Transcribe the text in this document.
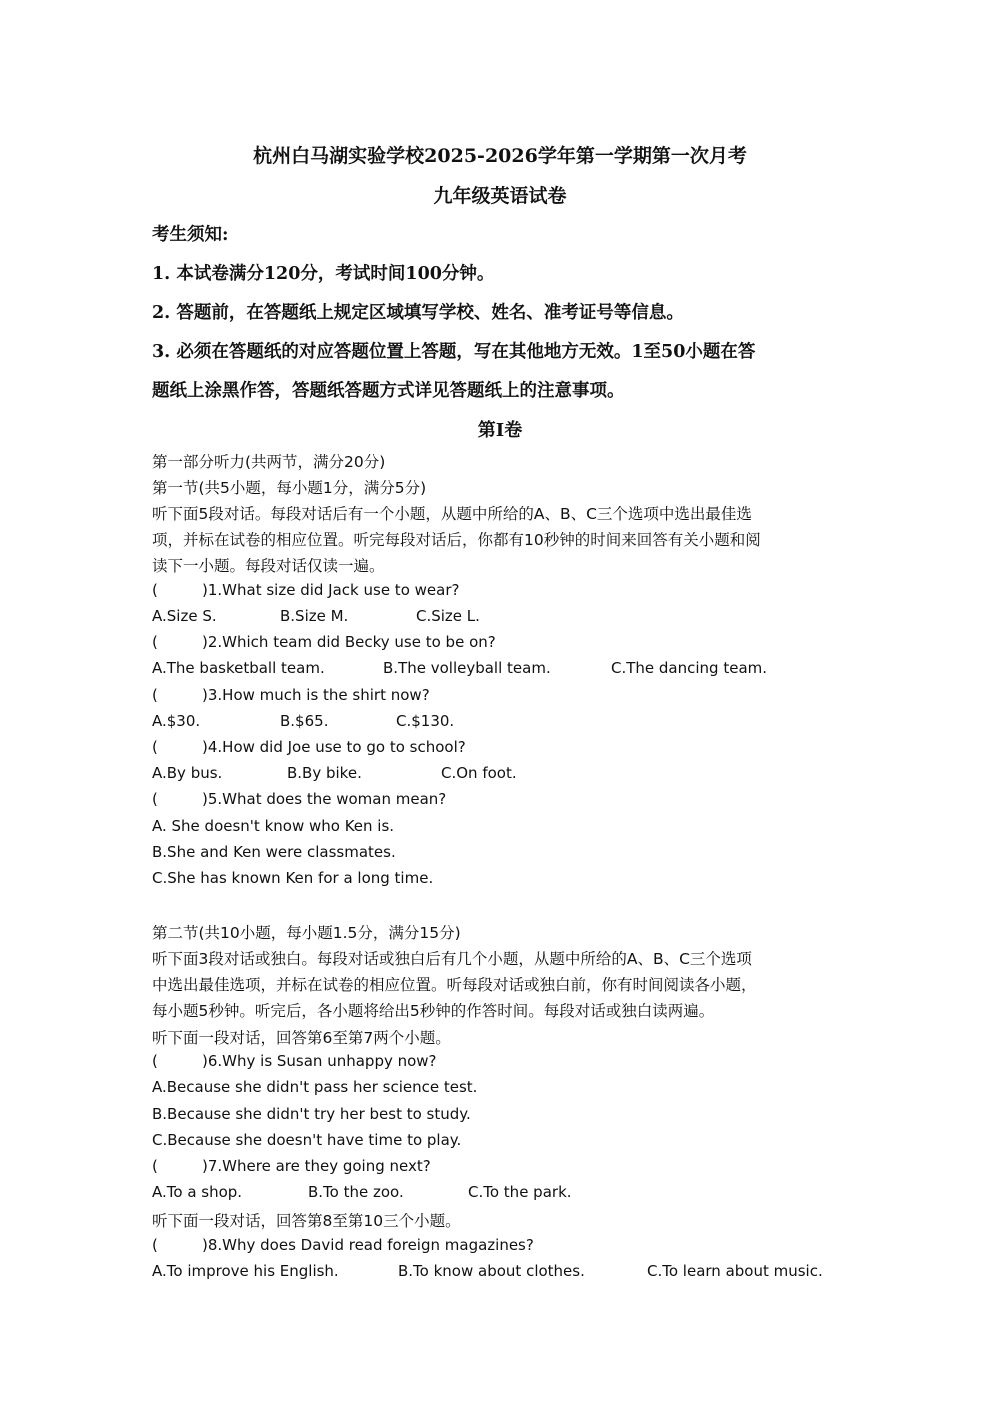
杭州白马湖实验学校2025-2026学年第一学期第一次月考
九年级英语试卷
考生须知:
1. 本试卷满分120分，考试时间100分钟。
2. 答题前，在答题纸上规定区域填写学校、姓名、准考证号等信息。
3. 必须在答题纸的对应答题位置上答题，写在其他地方无效。1至50小题在答
题纸上涂黑作答，答题纸答题方式详见答题纸上的注意事项。
第I卷
第一部分听力(共两节，满分20分)
第一节(共5小题，每小题1分，满分5分)
听下面5段对话。每段对话后有一个小题，从题中所给的A、B、C三个选项中选出最佳选
项，并标在试卷的相应位置。听完每段对话后，你都有10秒钟的时间来回答有关小题和阅
读下一小题。每段对话仅读一遍。
(	)1.What size did Jack use to wear?
A.Size S.	B.Size M.	C.Size L.
(	)2.Which team did Becky use to be on?
A.The basketball team.	B.The volleyball team.	C.The dancing team.
(	)3.How much is the shirt now?
A.$30.	B.$65.	C.$130.
(	)4.How did Joe use to go to school?
A.By bus.	B.By bike.	C.On foot.
(	)5.What does the woman mean?
A. She doesn't know who Ken is.
B.She and Ken were classmates.
C.She has known Ken for a long time.
第二节(共10小题，每小题1.5分，满分15分)
听下面3段对话或独白。每段对话或独白后有几个小题，从题中所给的A、B、C三个选项
中选出最佳选项，并标在试卷的相应位置。听每段对话或独白前，你有时间阅读各小题，
每小题5秒钟。听完后，各小题将给出5秒钟的作答时间。每段对话或独白读两遍。
听下面一段对话，回答第6至第7两个小题。
(	)6.Why is Susan unhappy now?
A.Because she didn't pass her science test.
B.Because she didn't try her best to study.
C.Because she doesn't have time to play.
(	)7.Where are they going next?
A.To a shop.	B.To the zoo.	C.To the park.
听下面一段对话，回答第8至第10三个小题。
(	)8.Why does David read foreign magazines?
A.To improve his English.	B.To know about clothes.	C.To learn about music.
